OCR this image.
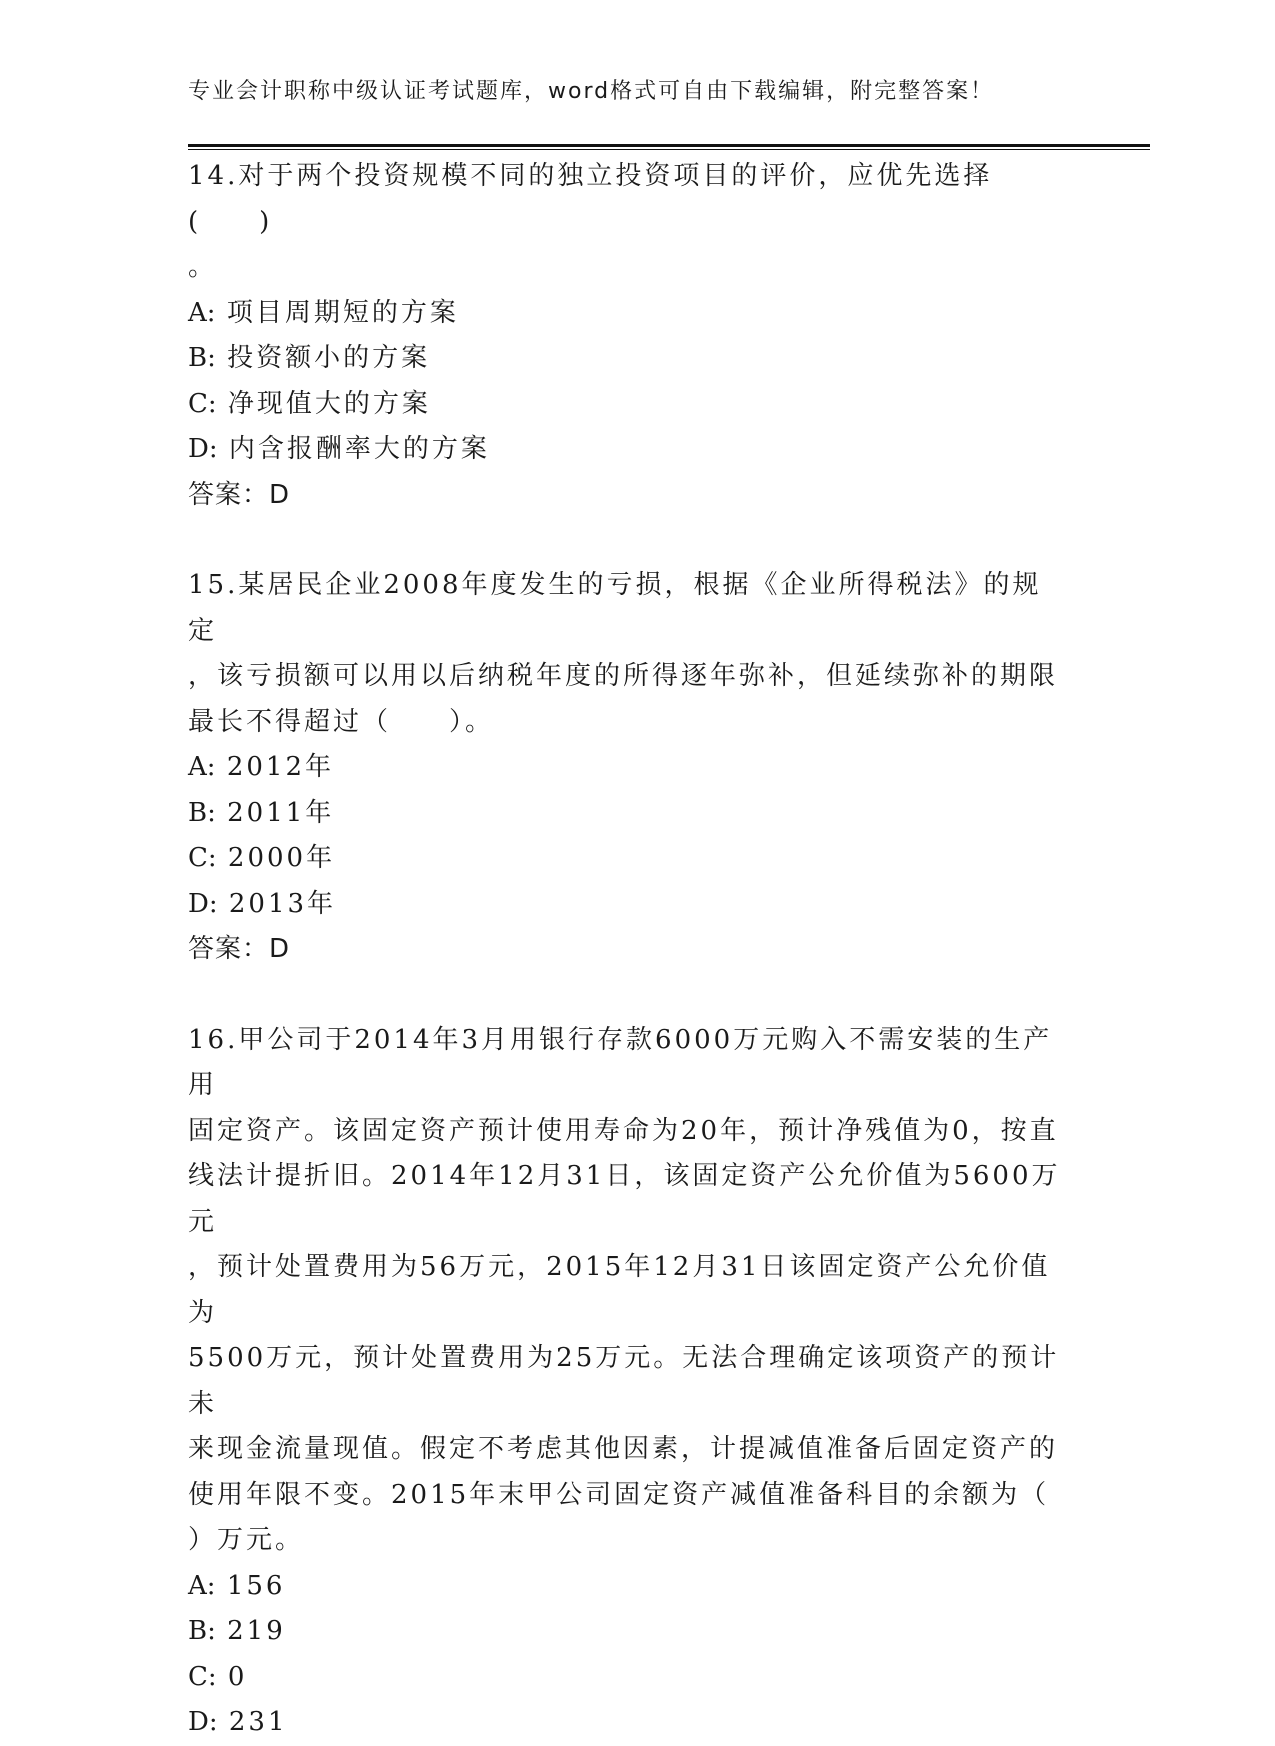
专业会计职称中级认证考试题库，word格式可自由下载编辑，附完整答案！
14.对于两个投资规模不同的独立投资项目的评价，应优先选择(　　)
。
A: 项目周期短的方案
B: 投资额小的方案
C: 净现值大的方案
D: 内含报酬率大的方案
答案：D
15.某居民企业2008年度发生的亏损，根据《企业所得税法》的规定
，该亏损额可以用以后纳税年度的所得逐年弥补，但延续弥补的期限
最长不得超过（　　）。
A: 2012年
B: 2011年
C: 2000年
D: 2013年
答案：D
16.甲公司于2014年3月用银行存款6000万元购入不需安装的生产用
固定资产。该固定资产预计使用寿命为20年，预计净残值为0，按直
线法计提折旧。2014年12月31日，该固定资产公允价值为5600万元
，预计处置费用为56万元，2015年12月31日该固定资产公允价值为
5500万元，预计处置费用为25万元。无法合理确定该项资产的预计未
来现金流量现值。假定不考虑其他因素，计提减值准备后固定资产的
使用年限不变。2015年末甲公司固定资产减值准备科目的余额为（
）万元。
A: 156
B: 219
C: 0
D: 231
